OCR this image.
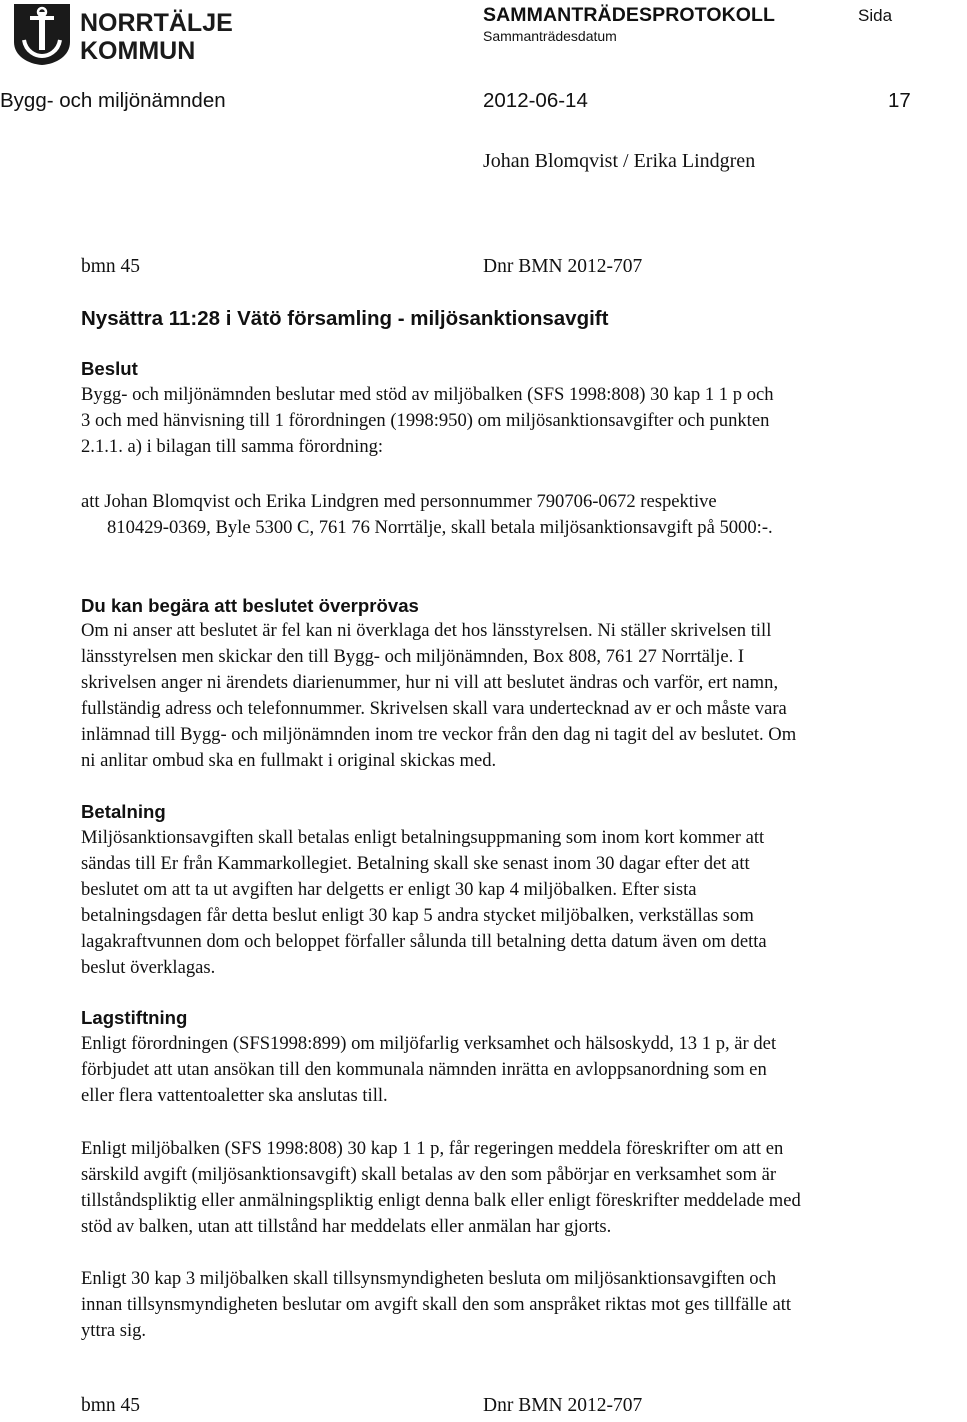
NORRTÄLJE
KOMMUN
SAMMANTRÄDESPROTOKOLL	Sida
Sammanträdesdatum
Bygg- och miljönämnden	2012-06-14	17
Johan Blomqvist / Erika Lindgren
bmn 45	Dnr BMN 2012-707
Nysättra 11:28 i Vätö församling - miljösanktionsavgift
Beslut
Bygg- och miljönämnden beslutar med stöd av miljöbalken (SFS 1998:808) 30 kap 1 1 p och
3 och med hänvisning till 1 förordningen (1998:950) om miljösanktionsavgifter och punkten
2.1.1. a) i bilagan till samma förordning:
att Johan Blomqvist och Erika Lindgren med personnummer 790706-0672 respektive
810429-0369, Byle 5300 C, 761 76 Norrtälje, skall betala miljösanktionsavgift på 5000:-.
Du kan begära att beslutet överprövas
Om ni anser att beslutet är fel kan ni överklaga det hos länsstyrelsen. Ni ställer skrivelsen till
länsstyrelsen men skickar den till Bygg- och miljönämnden, Box 808, 761 27 Norrtälje. I
skrivelsen anger ni ärendets diarienummer, hur ni vill att beslutet ändras och varför, ert namn,
fullständig adress och telefonnummer. Skrivelsen skall vara undertecknad av er och måste vara
inlämnad till Bygg- och miljönämnden inom tre veckor från den dag ni tagit del av beslutet. Om
ni anlitar ombud ska en fullmakt i original skickas med.
Betalning
Miljösanktionsavgiften skall betalas enligt betalningsuppmaning som inom kort kommer att
sändas till Er från Kammarkollegiet. Betalning skall ske senast inom 30 dagar efter det att
beslutet om att ta ut avgiften har delgetts er enligt 30 kap 4 miljöbalken. Efter sista
betalningsdagen får detta beslut enligt 30 kap 5 andra stycket miljöbalken, verkställas som
lagakraftvunnen dom och beloppet förfaller sålunda till betalning detta datum även om detta
beslut överklagas.
Lagstiftning
Enligt förordningen (SFS1998:899) om miljöfarlig verksamhet och hälsoskydd, 13 1 p, är det
förbjudet att utan ansökan till den kommunala nämnden inrätta en avloppsanordning som en
eller flera vattentoaletter ska anslutas till.
Enligt miljöbalken (SFS 1998:808) 30 kap 1 1 p, får regeringen meddela föreskrifter om att en
särskild avgift (miljösanktionsavgift) skall betalas av den som påbörjar en verksamhet som är
tillståndspliktig eller anmälningspliktig enligt denna balk eller enligt föreskrifter meddelade med
stöd av balken, utan att tillstånd har meddelats eller anmälan har gjorts.
Enligt 30 kap 3 miljöbalken skall tillsynsmyndigheten besluta om miljösanktionsavgiften och
innan tillsynsmyndigheten beslutar om avgift skall den som anspråket riktas mot ges tillfälle att
yttra sig.
bmn 45	Dnr BMN 2012-707
